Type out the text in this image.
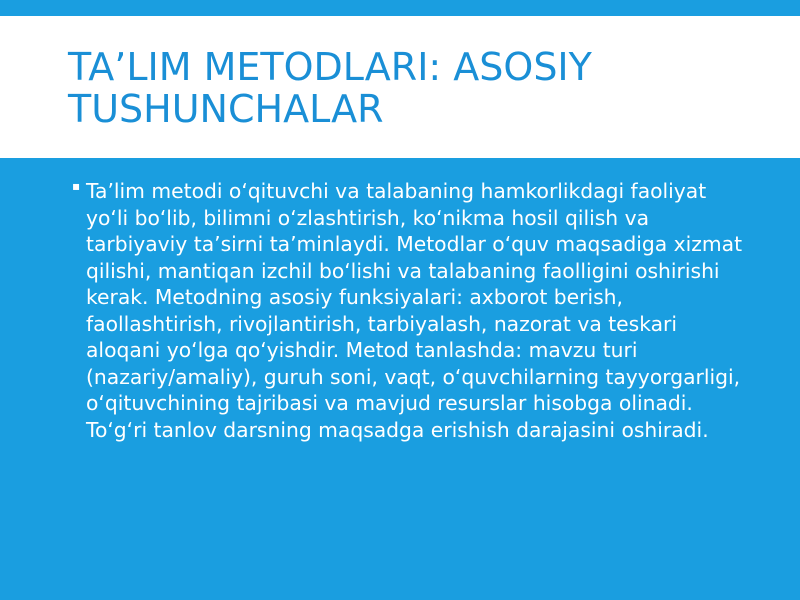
TA’LIM METODLARI: ASOSIY TUSHUNCHALAR
▪ Ta’lim metodi o‘qituvchi va talabaning hamkorlikdagi faoliyat yo‘li bo‘lib, bilimni o‘zlashtirish, ko‘nikma hosil qilish va tarbiyaviy ta’sirni ta’minlaydi. Metodlar o‘quv maqsadiga xizmat qilishi, mantiqan izchil bo‘lishi va talabaning faolligini oshirishi kerak. Metodning asosiy funksiyalari: axborot berish, faollashtirish, rivojlantirish, tarbiyalash, nazorat va teskari aloqani yo‘lga qo‘yishdir. Metod tanlashda: mavzu turi (nazariy/amaliy), guruh soni, vaqt, o‘quvchilarning tayyorgarligi, o‘qituvchining tajribasi va mavjud resurslar hisobga olinadi. To‘g‘ri tanlov darsning maqsadga erishish darajasini oshiradi.
